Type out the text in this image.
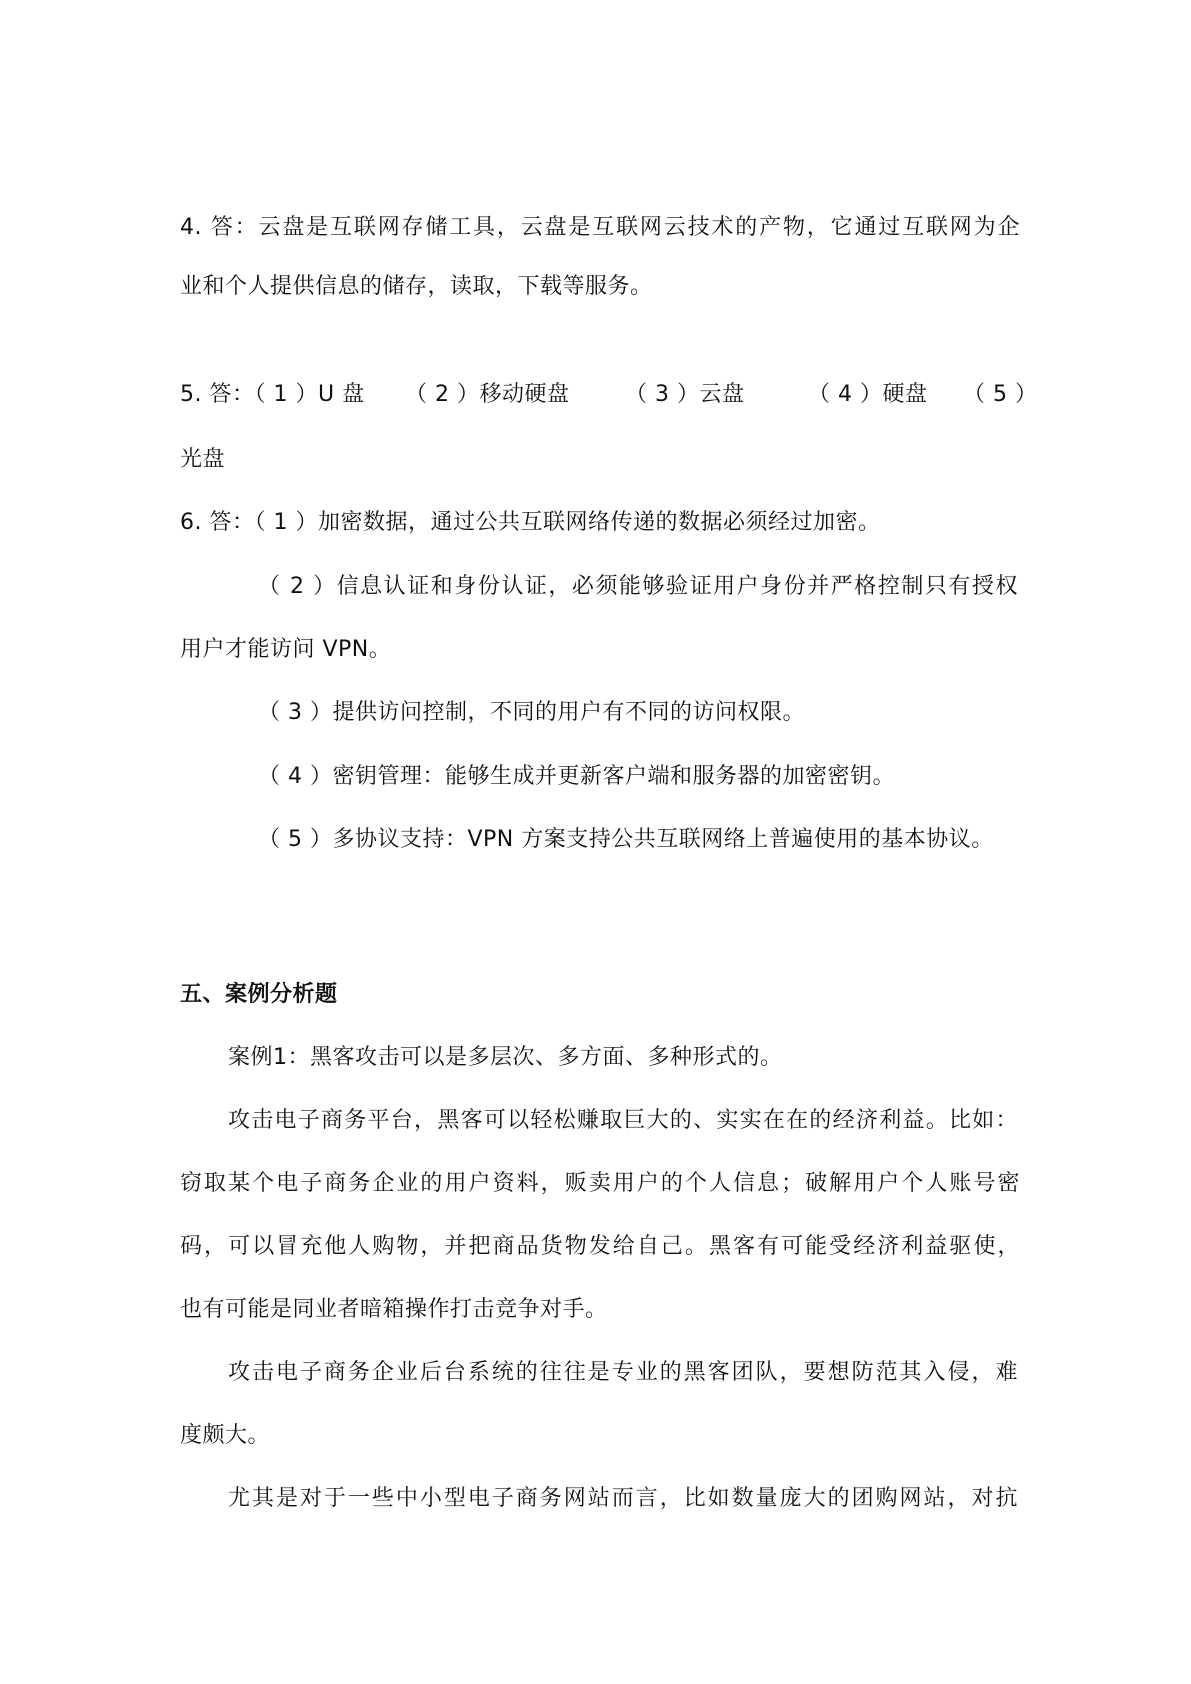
4. 答：云盘是互联网存储工具，云盘是互联网云技术的产物，它通过互联网为企
业和个人提供信息的储存，读取，下载等服务。
5. 答：（ 1 ）U 盘 （ 2 ）移动硬盘	（ 3 ）云盘	（ 4 ）硬盘 （ 5 ）
光盘
6. 答：（ 1 ）加密数据，通过公共互联网络传递的数据必须经过加密。
（ 2 ）信息认证和身份认证，必须能够验证用户身份并严格控制只有授权
用户才能访问 VPN。
（ 3 ）提供访问控制，不同的用户有不同的访问权限。
（ 4 ）密钥管理：能够生成并更新客户端和服务器的加密密钥。
（ 5 ）多协议支持：VPN 方案支持公共互联网络上普遍使用的基本协议。
五、案例分析题
案例1：黑客攻击可以是多层次、多方面、多种形式的。
攻击电子商务平台，黑客可以轻松赚取巨大的、实实在在的经济利益。比如：
窃取某个电子商务企业的用户资料，贩卖用户的个人信息；破解用户个人账号密
码，可以冒充他人购物，并把商品货物发给自己。黑客有可能受经济利益驱使，
也有可能是同业者暗箱操作打击竞争对手。
攻击电子商务企业后台系统的往往是专业的黑客团队，要想防范其入侵，难
度颇大。
尤其是对于一些中小型电子商务网站而言，比如数量庞大的团购网站，对抗
